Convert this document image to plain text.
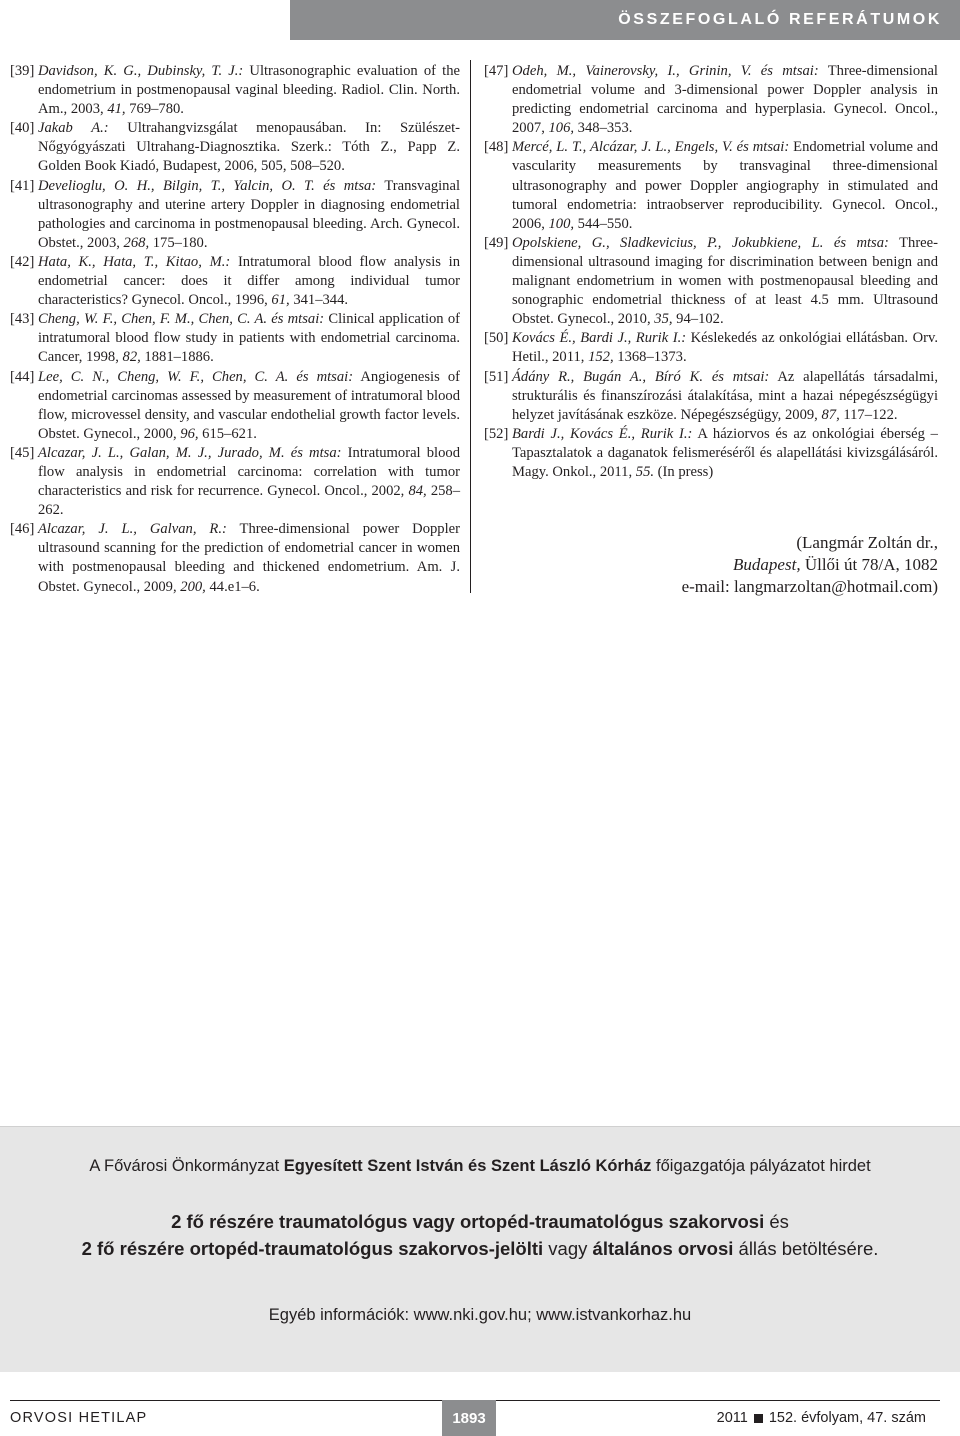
ÖSSZEFOGLALÓ REFERÁTUMOK
[39] Davidson, K. G., Dubinsky, T. J.: Ultrasonographic evaluation of the endometrium in postmenopausal vaginal bleeding. Radiol. Clin. North. Am., 2003, 41, 769–780.
[40] Jakab A.: Ultrahangvizsgálat menopausában. In: Szülészet-Nőgyógyászati Ultrahang-Diagnosztika. Szerk.: Tóth Z., Papp Z. Golden Book Kiadó, Budapest, 2006, 505, 508–520.
[41] Develioglu, O. H., Bilgin, T., Yalcin, O. T. és mtsa: Transvaginal ultrasonography and uterine artery Doppler in diagnosing endometrial pathologies and carcinoma in postmenopausal bleeding. Arch. Gynecol. Obstet., 2003, 268, 175–180.
[42] Hata, K., Hata, T., Kitao, M.: Intratumoral blood flow analysis in endometrial cancer: does it differ among individual tumor characteristics? Gynecol. Oncol., 1996, 61, 341–344.
[43] Cheng, W. F., Chen, F. M., Chen, C. A. és mtsai: Clinical application of intratumoral blood flow study in patients with endometrial carcinoma. Cancer, 1998, 82, 1881–1886.
[44] Lee, C. N., Cheng, W. F., Chen, C. A. és mtsai: Angiogenesis of endometrial carcinomas assessed by measurement of intratumoral blood flow, microvessel density, and vascular endothelial growth factor levels. Obstet. Gynecol., 2000, 96, 615–621.
[45] Alcazar, J. L., Galan, M. J., Jurado, M. és mtsa: Intratumoral blood flow analysis in endometrial carcinoma: correlation with tumor characteristics and risk for recurrence. Gynecol. Oncol., 2002, 84, 258–262.
[46] Alcazar, J. L., Galvan, R.: Three-dimensional power Doppler ultrasound scanning for the prediction of endometrial cancer in women with postmenopausal bleeding and thickened endometrium. Am. J. Obstet. Gynecol., 2009, 200, 44.e1–6.
[47] Odeh, M., Vainerovsky, I., Grinin, V. és mtsai: Three-dimensional endometrial volume and 3-dimensional power Doppler analysis in predicting endometrial carcinoma and hyperplasia. Gynecol. Oncol., 2007, 106, 348–353.
[48] Mercé, L. T., Alcázar, J. L., Engels, V. és mtsai: Endometrial volume and vascularity measurements by transvaginal three-dimensional ultrasonography and power Doppler angiography in stimulated and tumoral endometria: intraobserver reproducibility. Gynecol. Oncol., 2006, 100, 544–550.
[49] Opolskiene, G., Sladkevicius, P., Jokubkiene, L. és mtsa: Three-dimensional ultrasound imaging for discrimination between benign and malignant endometrium in women with postmenopausal bleeding and sonographic endometrial thickness of at least 4.5 mm. Ultrasound Obstet. Gynecol., 2010, 35, 94–102.
[50] Kovács É., Bardi J., Rurik I.: Késlekedés az onkológiai ellátásban. Orv. Hetil., 2011, 152, 1368–1373.
[51] Ádány R., Bugán A., Bíró K. és mtsai: Az alapellátás társadalmi, strukturális és finanszírozási átalakítása, mint a hazai népegészségügyi helyzet javításának eszköze. Népegészségügy, 2009, 87, 117–122.
[52] Bardi J., Kovács É., Rurik I.: A háziorvos és az onkológiai éberség – Tapasztalatok a daganatok felismeréséről és alapellátási kivizsgálásáról. Magy. Onkol., 2011, 55. (In press)
(Langmár Zoltán dr.,
Budapest, Üllői út 78/A, 1082
e-mail: langmarzoltan@hotmail.com)
A Fővárosi Önkormányzat Egyesített Szent István és Szent László Kórház főigazgatója pályázatot hirdet
2 fő részére traumatológus vagy ortopéd-traumatológus szakorvosi és
2 fő részére ortopéd-traumatológus szakorvos-jelölti vagy általános orvosi állás betöltésére.
Egyéb információk: www.nki.gov.hu; www.istvankorhaz.hu
ORVOSI HETILAP	1893	2011 152. évfolyam, 47. szám
